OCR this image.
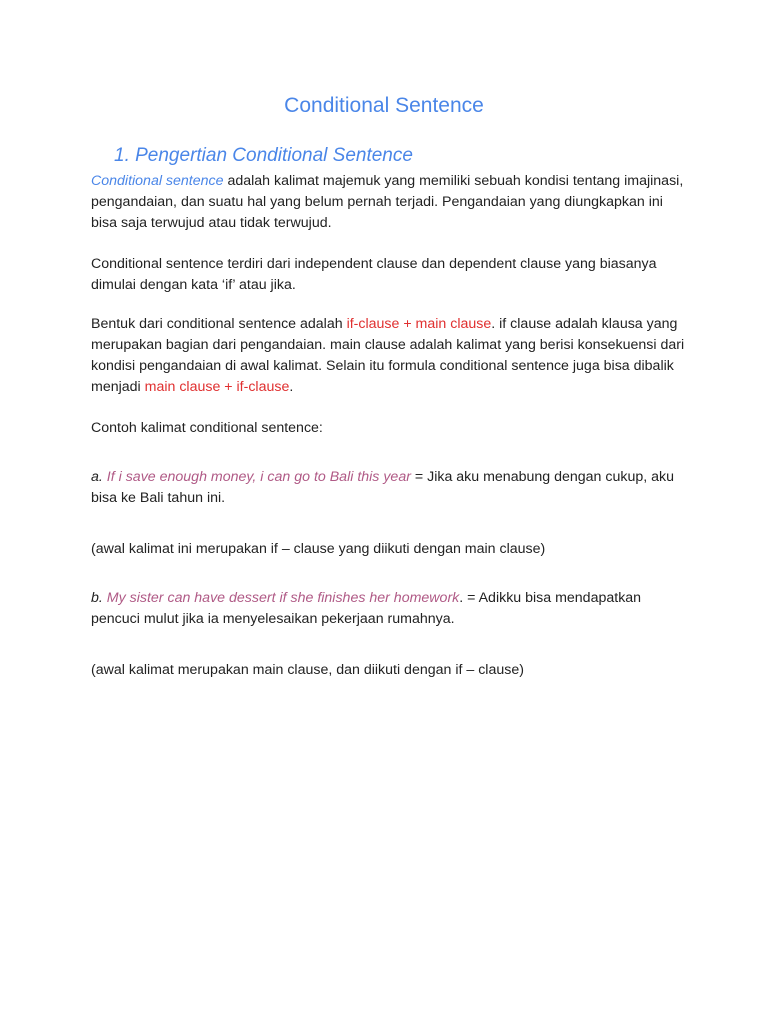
Conditional Sentence
1. Pengertian Conditional Sentence

Conditional sentence adalah kalimat majemuk yang memiliki sebuah kondisi tentang imajinasi, pengandaian, dan suatu hal yang belum pernah terjadi. Pengandaian yang diungkapkan ini bisa saja terwujud atau tidak terwujud.

Conditional sentence terdiri dari independent clause dan dependent clause yang biasanya dimulai dengan kata ‘if’ atau jika.

Bentuk dari conditional sentence adalah if-clause + main clause. if clause adalah klausa yang merupakan bagian dari pengandaian. main clause adalah kalimat yang berisi konsekuensi dari kondisi pengandaian di awal kalimat. Selain itu formula conditional sentence juga bisa dibalik menjadi main clause + if-clause.

Contoh kalimat conditional sentence:

a. If i save enough money, i can go to Bali this year = Jika aku menabung dengan cukup, aku bisa ke Bali tahun ini.

(awal kalimat ini merupakan if – clause yang diikuti dengan main clause)

b. My sister can have dessert if she finishes her homework. = Adikku bisa mendapatkan pencuci mulut jika ia menyelesaikan pekerjaan rumahnya.

(awal kalimat merupakan main clause, dan diikuti dengan if – clause)
